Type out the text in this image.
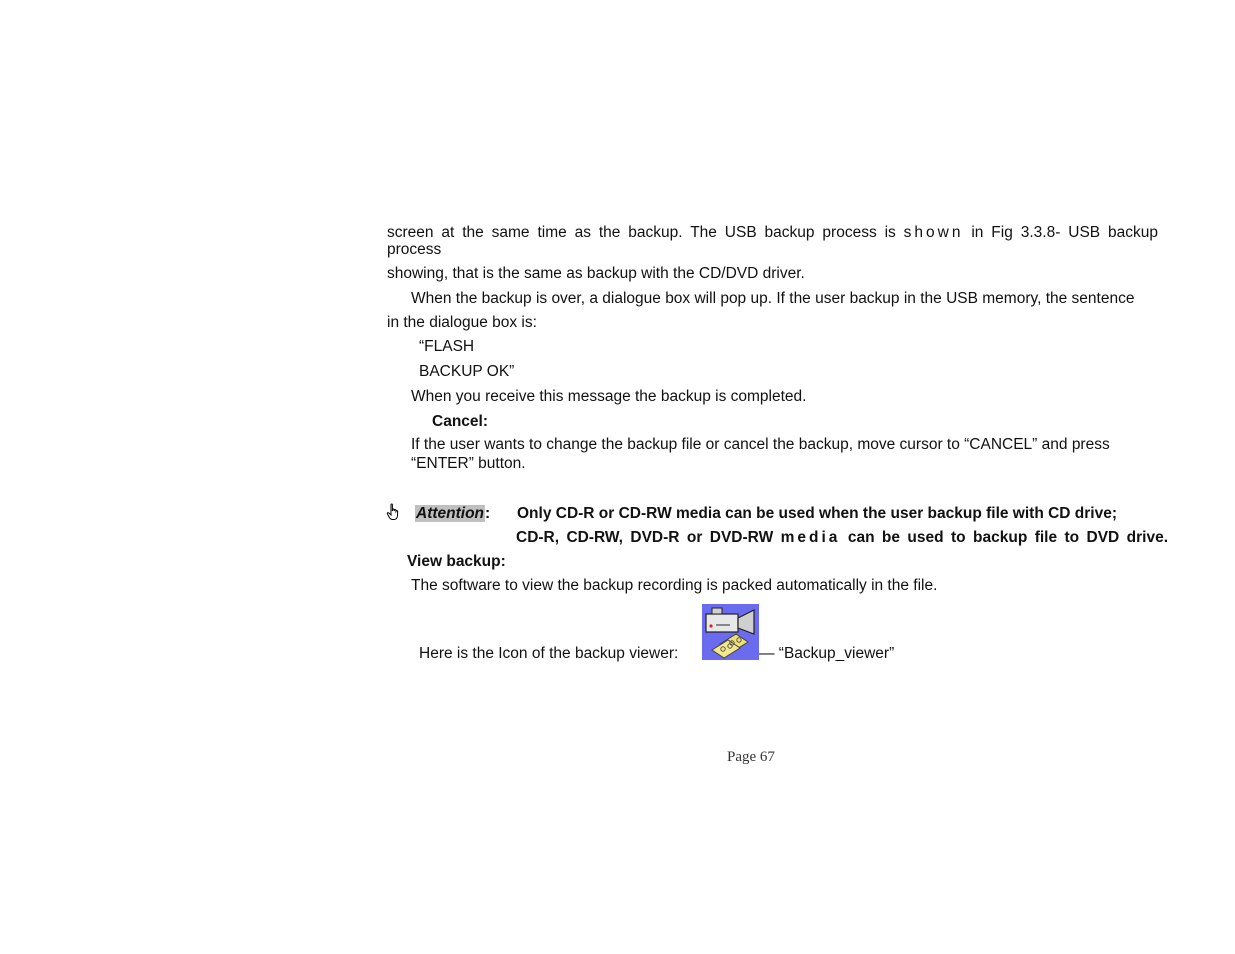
screen at the same time as the backup. The USB backup process is shown in Fig 3.3.8- USB backup
process
showing, that is the same as backup with the CD/DVD driver.
When the backup is over, a dialogue box will pop up. If the user backup in the USB memory, the sentence
in the dialogue box is:
“FLASH
BACKUP OK”
When you receive this message the backup is completed.
Cancel:
If the user wants to change the backup file or cancel the backup, move cursor to “CANCEL” and press
“ENTER” button.
Attention: Only CD-R or CD-RW media can be used when the user backup file with CD drive;
CD-R, CD-RW, DVD-R or DVD-RW media can be used to backup file to DVD drive.
View backup:
The software to view the backup recording is packed automatically in the file.
Here is the Icon of the backup viewer:	— “Backup_viewer”
Page 67
